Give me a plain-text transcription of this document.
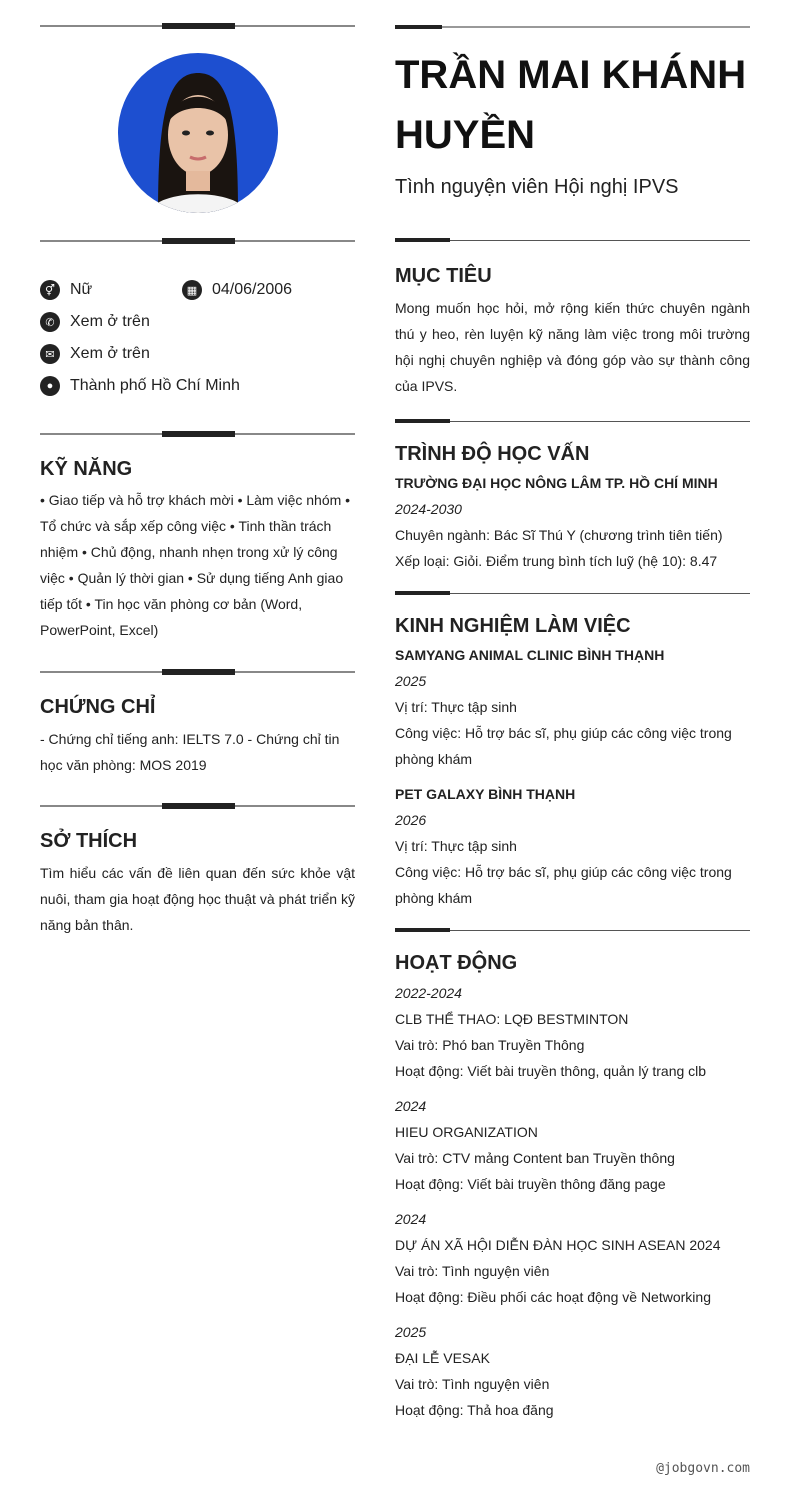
⚥ Nữ	▦ 04/06/2006
✆ Xem ở trên
✉ Xem ở trên
●	Thành phố Hồ Chí Minh
KỸ NĂNG
• Giao tiếp và hỗ trợ khách mời • Làm việc nhóm • Tổ chức và sắp xếp công việc • Tinh thần trách nhiệm • Chủ động, nhanh nhẹn trong xử lý công việc • Quản lý thời gian • Sử dụng tiếng Anh giao tiếp tốt • Tin học văn phòng cơ bản (Word, PowerPoint, Excel)
CHỨNG CHỈ
- Chứng chỉ tiếng anh: IELTS 7.0 - Chứng chỉ tin học văn phòng: MOS 2019
SỞ THÍCH
Tìm hiểu các vấn đề liên quan đến sức khỏe vật nuôi, tham gia hoạt động học thuật và phát triển kỹ năng bản thân.
TRẦN MAI KHÁNH
HUYỀN
Tình nguyện viên Hội nghị IPVS
MỤC TIÊU
Mong muốn học hỏi, mở rộng kiến thức chuyên ngành thú y heo, rèn luyện kỹ năng làm việc trong môi trường hội nghị chuyên nghiệp và đóng góp vào sự thành công của IPVS.
TRÌNH ĐỘ HỌC VẤN
TRƯỜNG ĐẠI HỌC NÔNG LÂM TP. HỒ CHÍ MINH
2024-2030
Chuyên ngành: Bác Sĩ Thú Y (chương trình tiên tiến)
Xếp loại: Giỏi. Điểm trung bình tích luỹ (hệ 10): 8.47
KINH NGHIỆM LÀM VIỆC
SAMYANG ANIMAL CLINIC BÌNH THẠNH
2025
Vị trí: Thực tập sinh
Công việc: Hỗ trợ bác sĩ, phụ giúp các công việc trong phòng khám
PET GALAXY BÌNH THẠNH
2026
Vị trí: Thực tập sinh
Công việc: Hỗ trợ bác sĩ, phụ giúp các công việc trong phòng khám
HOẠT ĐỘNG
2022-2024
CLB THỂ THAO: LQĐ BESTMINTON
Vai trò: Phó ban Truyền Thông
Hoạt động: Viết bài truyền thông, quản lý trang clb
2024
HIEU ORGANIZATION
Vai trò: CTV mảng Content ban Truyền thông
Hoạt động: Viết bài truyền thông đăng page
2024
DỰ ÁN XÃ HỘI DIỄN ĐÀN HỌC SINH ASEAN 2024
Vai trò: Tình nguyện viên
Hoạt động: Điều phối các hoạt động về Networking
2025
ĐẠI LỄ VESAK
Vai trò: Tình nguyện viên
Hoạt động: Thả hoa đăng
@jobgovn.com
